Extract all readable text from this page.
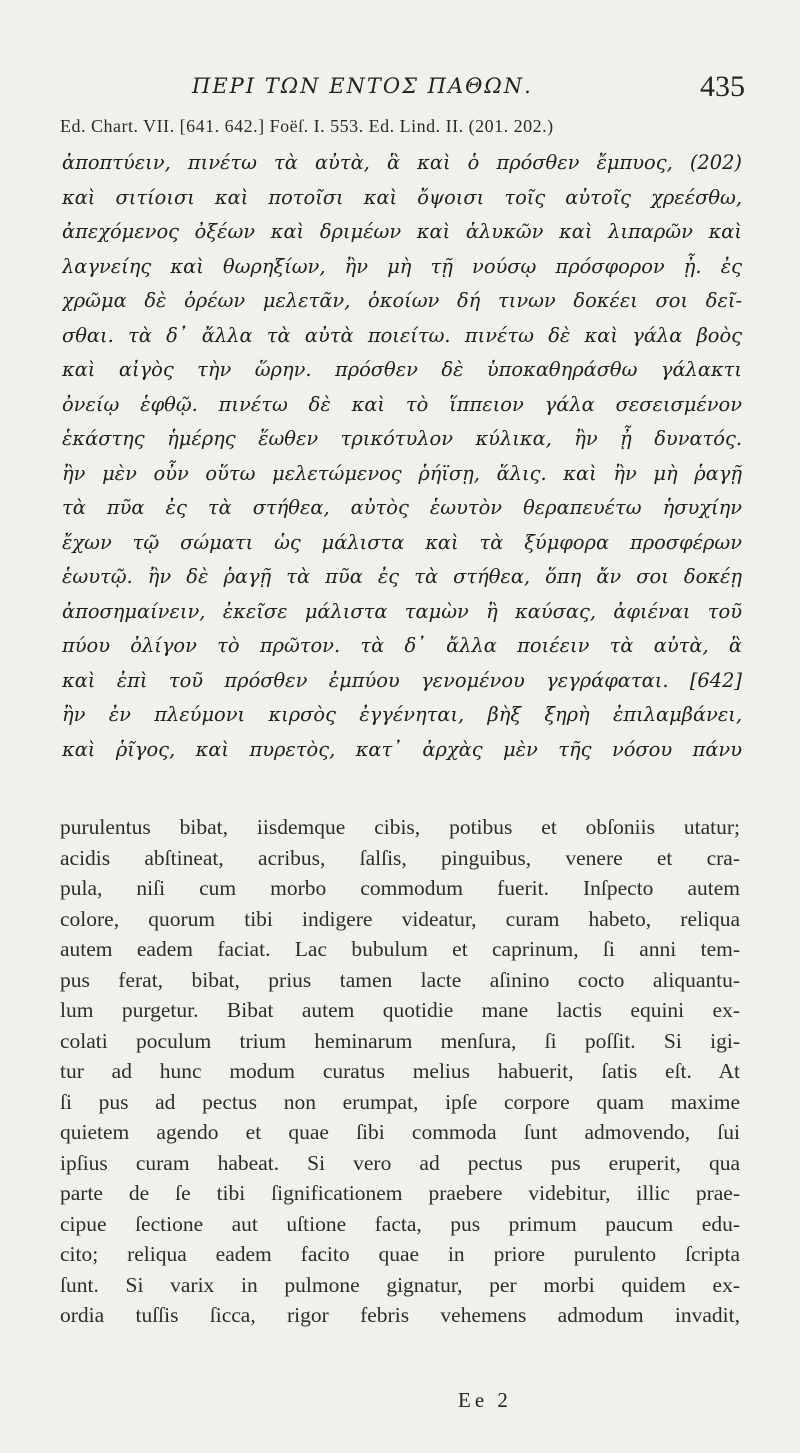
ΠΕΡΙ ΤΩΝ ΕΝΤΟΣ ΠΑΘΩΝ.	435
Ed. Chart. VII. [641. 642.] Foëſ. I. 553. Ed. Lind. II. (201. 202.)
ἀποπτύειν, πινέτω τὰ αὐτὰ, ἃ καὶ ὁ πρόσθεν ἔμπυος, (202)
καὶ σιτίοισι καὶ ποτοῖσι καὶ ὄψοισι τοῖς αὐτοῖς χρεέσθω,
ἀπεχόμενος ὀξέων καὶ δριμέων καὶ ἁλυκῶν καὶ λιπαρῶν καὶ
λαγνείης καὶ θωρηξίων, ἢν μὴ τῇ νούσῳ πρόσφορον ᾖ. ἐς
χρῶμα δὲ ὁρέων μελετᾶν, ὁκοίων δή τινων δοκέει σοι δεῖ-
σθαι. τὰ δ᾽ ἄλλα τὰ αὐτὰ ποιείτω. πινέτω δὲ καὶ γάλα βοὸς
καὶ αἰγὸς τὴν ὥρην. πρόσθεν δὲ ὑποκαθηράσθω γάλακτι
ὀνείῳ ἑφθῷ. πινέτω δὲ καὶ τὸ ἵππειον γάλα σεσεισμένον
ἑκάστης ἡμέρης ἕωθεν τρικότυλον κύλικα, ἢν ᾖ δυνατός.
ἢν μὲν οὖν οὕτω μελετώμενος ῥήϊσῃ, ἅλις. καὶ ἢν μὴ ῥαγῇ
τὰ πῦα ἐς τὰ στήθεα, αὐτὸς ἑωυτὸν θεραπευέτω ἡσυχίην
ἔχων τῷ σώματι ὡς μάλιστα καὶ τὰ ξύμφορα προσφέρων
ἑωυτῷ. ἢν δὲ ῥαγῇ τὰ πῦα ἐς τὰ στήθεα, ὅπη ἄν σοι δοκέῃ
ἀποσημαίνειν, ἐκεῖσε μάλιστα ταμὼν ἢ καύσας, ἀφιέναι τοῦ
πύου ὀλίγον τὸ πρῶτον. τὰ δ᾽ ἄλλα ποιέειν τὰ αὐτὰ, ἃ
καὶ ἐπὶ τοῦ πρόσθεν ἐμπύου γενομένου γεγράφαται. [642]
ἢν ἐν πλεύμονι κιρσὸς ἐγγένηται, βὴξ ξηρὴ ἐπιλαμβάνει,
καὶ ῥῖγος, καὶ πυρετὸς, κατ᾽ ἀρχὰς μὲν τῆς νόσου πάνυ
purulentus bibat, iisdemque cibis, potibus et obſoniis utatur;
acidis abſtineat, acribus, ſalſis, pinguibus, venere et cra-
pula, niſi cum morbo commodum fuerit. Inſpecto autem
colore, quorum tibi indigere videatur, curam habeto, reliqua
autem eadem faciat. Lac bubulum et caprinum, ſi anni tem-
pus ferat, bibat, prius tamen lacte aſinino cocto aliquantu-
lum purgetur. Bibat autem quotidie mane lactis equini ex-
colati poculum trium heminarum menſura, ſi poſſit. Si igi-
tur ad hunc modum curatus melius habuerit, ſatis eſt. At
ſi pus ad pectus non erumpat, ipſe corpore quam maxime
quietem agendo et quae ſibi commoda ſunt admovendo, ſui
ipſius curam habeat. Si vero ad pectus pus eruperit, qua
parte de ſe tibi ſignificationem praebere videbitur, illic prae-
cipue ſectione aut uſtione facta, pus primum paucum edu-
cito; reliqua eadem facito quae in priore purulento ſcripta
ſunt. Si varix in pulmone gignatur, per morbi quidem ex-
ordia tuſſis ſicca, rigor febris vehemens admodum invadit,
Ee 2
